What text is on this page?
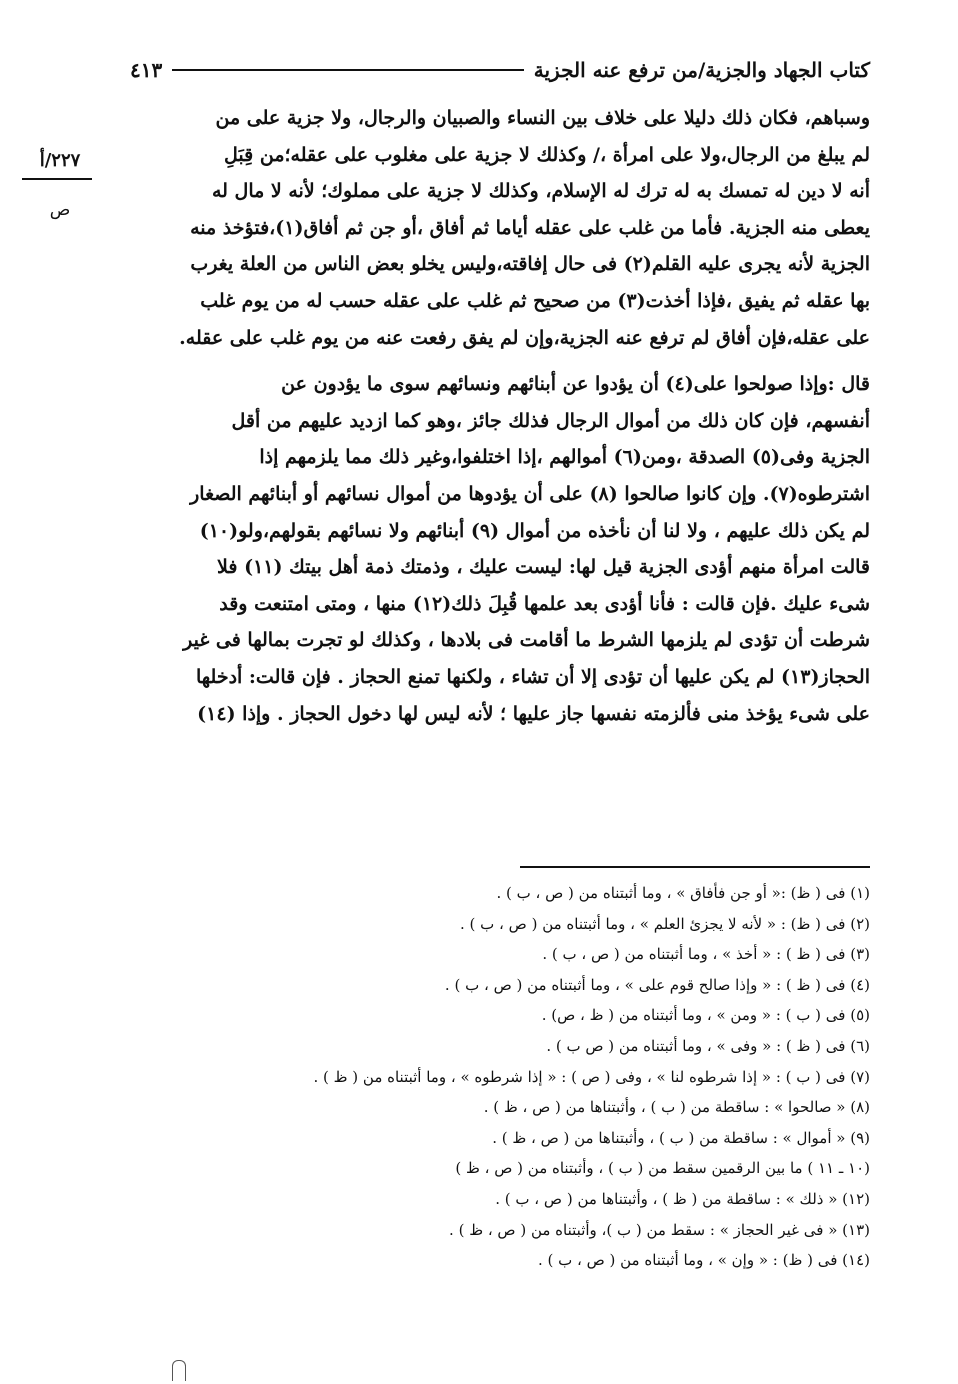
كتاب الجهاد والجزية/من ترفع عنه الجزية
٤١٣
٢٢٧/أ
ص
وسباهم، فكان ذلك دليلا على خلاف بين النساء والصبيان والرجال، ولا جزية على من
لم يبلغ من الرجال،ولا على امرأة ،/ وكذلك لا جزية على مغلوب على عقله؛من قِبَلِ
أنه لا دين له تمسك به له ترك له الإسلام، وكذلك لا جزية على مملوك؛ لأنه لا مال له
يعطى منه الجزية. فأما من غلب على عقله أياما ثم أفاق ،أو جن ثم أفاق(١)،فتؤخذ منه
الجزية لأنه يجرى عليه القلم(٢) فى حال إفاقته،وليس يخلو بعض الناس من العلة يغرب
بها عقله ثم يفيق ،فإذا أخذت(٣) من صحيح ثم غلب على عقله حسب له من يوم غلب
على عقله،فإن أفاق لم ترفع عنه الجزية،وإن لم يفق رفعت عنه من يوم غلب على عقله.
قال :وإذا صولحوا على(٤) أن يؤدوا عن أبنائهم ونسائهم سوى ما يؤدون عن
أنفسهم، فإن كان ذلك من أموال الرجال فذلك جائز ،وهو كما ازديد عليهم من أقل
الجزية وفى(٥) الصدقة ،ومن(٦) أموالهم ،إذا اختلفوا،وغير ذلك مما يلزمهم إذا
اشترطوه(٧). وإن كانوا صالحوا (٨) على أن يؤدوها من أموال نسائهم أو أبنائهم الصغار
لم يكن ذلك عليهم ، ولا لنا أن نأخذه من أموال (٩) أبنائهم ولا نسائهم بقولهم،ولو(١٠)
قالت امرأة منهم أؤدى الجزية قيل لها: ليست عليك ، وذمتك ذمة أهل بيتك (١١) فلا
شىء عليك .فإن قالت : فأنا أؤدى بعد علمها قُبِلَ ذلك(١٢) منها ، ومتى امتنعت وقد
شرطت أن تؤدى لم يلزمها الشرط ما أقامت فى بلادها ، وكذلك لو تجرت بمالها فى غير
الحجاز(١٣) لم يكن عليها أن تؤدى إلا أن تشاء ، ولكنها تمنع الحجاز . فإن قالت: أدخلها
على شىء يؤخذ منى فألزمته نفسها جاز عليها ؛ لأنه ليس لها دخول الحجاز . وإذا (١٤)
(١) فى ( ظ) :« أو جن فأفاق » ، وما أثبتناه من ( ص ، ب ) .
(٢) فى ( ظ) : « لأنه لا يجزئ العلم » ، وما أثبتناه من ( ص ، ب ) .
(٣) فى ( ظ ) : « أخذ » ، وما أثبتناه من ( ص ، ب ) .
(٤) فى ( ظ ) : « وإذا صالح قوم على » ، وما أثبتناه من ( ص ، ب ) .
(٥) فى ( ب ) : « ومن » ، وما أثبتناه من ( ظ ، ص) .
(٦) فى ( ظ ) : « وفى » ، وما أثبتناه من ( ص ب ) .
(٧) فى ( ب ) : « إذا شرطوه لنا » ، وفى ( ص ) : « إذا شرطوه » ، وما أثبتناه من ( ظ ) .
(٨) « صالحوا » : ساقطة من ( ب ) ، وأثبتناها من ( ص ، ظ ) .
(٩) « أموال » : ساقطة من ( ب ) ، وأثبتناها من ( ص ، ظ ) .
(١٠ ـ ١١ ) ما بين الرقمين سقط من ( ب ) ، وأثبتناه من ( ص ، ظ )
(١٢) « ذلك » : ساقطة من ( ظ ) ، وأثبتناها من ( ص ، ب ) .
(١٣) « فى غير الحجاز » : سقط من ( ب )، وأثبتناه من ( ص ، ظ ) .
(١٤) فى ( ظ) : « وإن » ، وما أثبتناه من ( ص ، ب ) .
